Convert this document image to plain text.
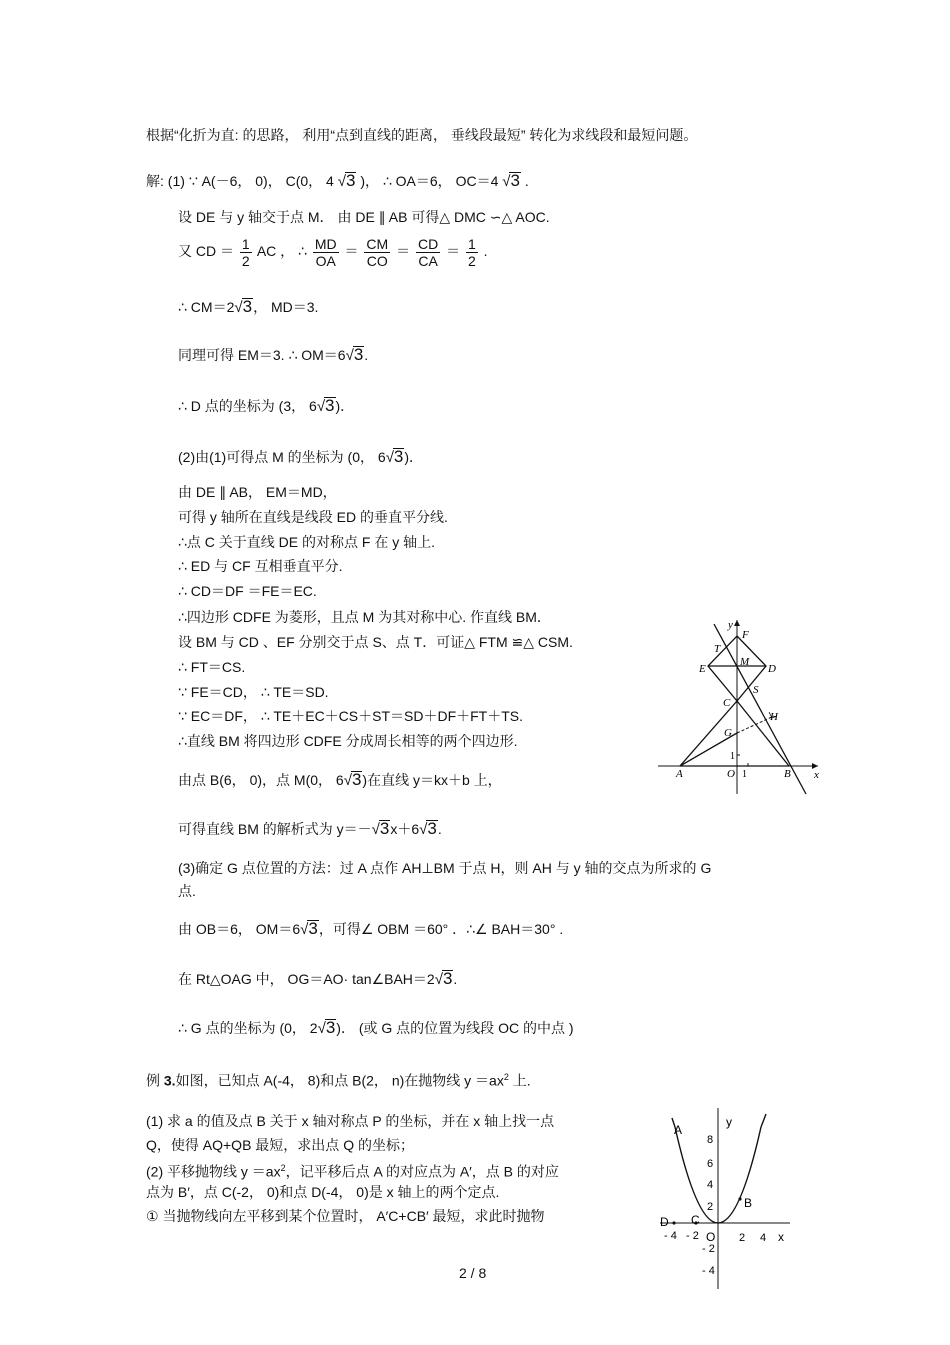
根据“化折为直: 的思路， 利用“点到直线的距离， 垂线段最短” 转化为求线段和最短问题。
解: (1) ∵ A(－6， 0)， C(0， 4 √3 )， ∴ OA＝6， OC＝4 √3 .
设 DE 与 y 轴交于点 M． 由 DE ∥ AB 可得△ DMC ∽△ AOC.
又 CD ＝ $\frac{1}{2}$ AC ， ∴ $\frac{MD}{OA} = \frac{CM}{CO} = \frac{CD}{CA} = \frac{1}{2}$ .
∴ CM＝2√3， MD＝3.
同理可得 EM＝3. ∴ OM＝6√3.
∴ D 点的坐标为 (3， 6√3)．
(2)由(1)可得点 M 的坐标为 (0， 6√3)．
由 DE ∥ AB， EM＝MD，
可得 y 轴所在直线是线段 ED 的垂直平分线.
∴点 C 关于直线 DE 的对称点 F 在 y 轴上.
∴ ED 与 CF 互相垂直平分.
∴ CD＝DF ＝FE＝EC.
∴四边形 CDFE 为菱形，且点 M 为其对称中心. 作直线 BM．
设 BM 与 CD 、EF 分别交于点 S、点 T．可证△ FTM ≌△ CSM.
∴ FT＝CS.
∵ FE＝CD， ∴ TE＝SD.
∵ EC＝DF， ∴ TE＋EC＋CS＋ST＝SD＋DF＋FT＋TS.
∴直线 BM 将四边形 CDFE 分成周长相等的两个四边形.
由点 B(6， 0)，点 M(0， 6√3)在直线 y＝kx＋b 上，
可得直线 BM 的解析式为 y＝－√3x＋6√3.
(3)确定 G 点位置的方法：过 A 点作 AH⊥BM 于点 H，则 AH 与 y 轴的交点为所求的 G
点.
由 OB＝6， OM＝6√3，可得∠ OBM ＝60° ．∴∠ BAH＝30° .
在 Rt△OAG 中， OG＝AO· tan∠BAH＝2√3.
∴ G 点的坐标为 (0， 2√3)． (或 G 点的位置为线段 OC 的中点 )
例 3.如图，已知点 A(-4， 8)和点 B(2， n)在抛物线 $y =ax^2$ 上.
(1) 求 a 的值及点 B 关于 x 轴对称点 P 的坐标，并在 x 轴上找一点
Q，使得 AQ+QB 最短，求出点 Q 的坐标；
(2) 平移抛物线 $y =ax^2$，记平移后点 A 的对应点为 A′，点 B 的对应
点为 B′，点 C(-2， 0)和点 D(-4， 0)是 x 轴上的两个定点.
① 当抛物线向左平移到某个位置时， A′C+CB′ 最短，求此时抛物
y
x
F
T
M
E	D
S
C
H
G
A	O 1
1
B
A
y
B
D C
O	x
8
6
4
2
- 2
- 4
- 4 - 2	2 4
2 / 8
